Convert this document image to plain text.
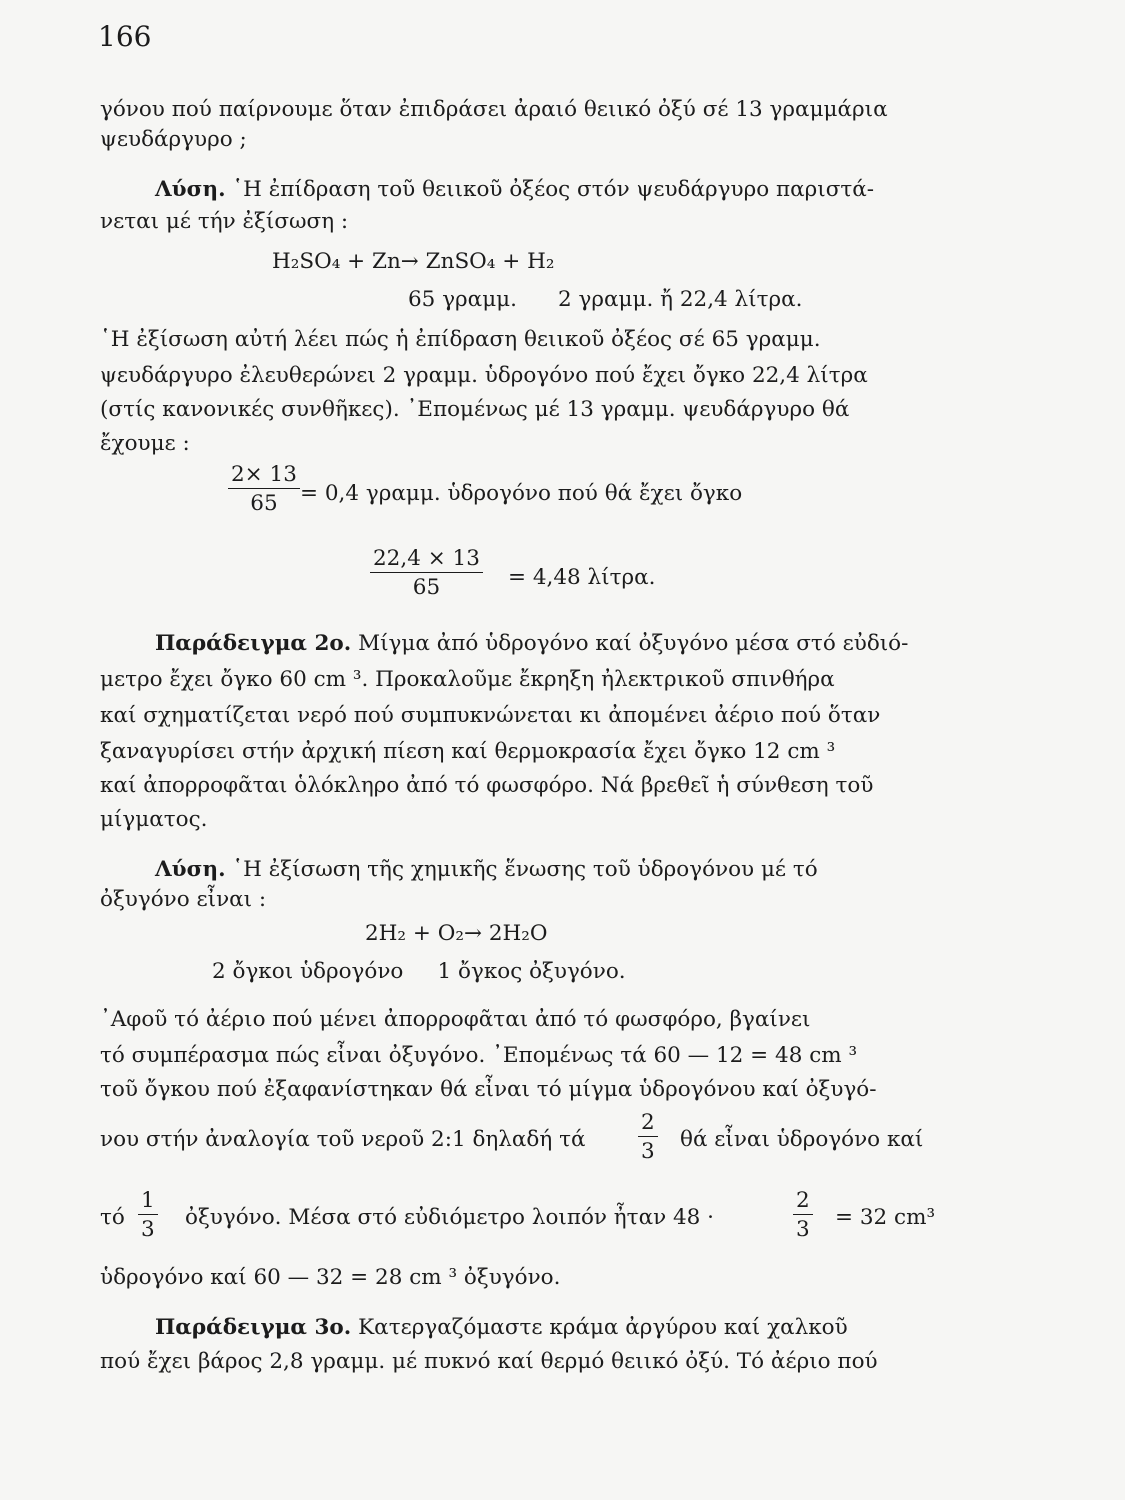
166
γόνου πού παίρνουμε ὅταν ἐπιδράσει ἀραιό θειικό ὀξύ σέ 13 γραμμάρια
ψευδάργυρο ;
Λύση. ῾Η ἐπίδραση τοῦ θειικοῦ ὀξέος στόν ψευδάργυρο παριστά-
νεται μέ τήν ἐξίσωση :
H₂SO₄ + Zn→ ZnSO₄ + H₂
65 γραμμ.      2 γραμμ. ἤ 22,4 λίτρα.
῾Η ἐξίσωση αὐτή λέει πώς ἡ ἐπίδραση θειικοῦ ὀξέος σέ 65 γραμμ.
ψευδάργυρο ἐλευθερώνει 2 γραμμ. ὑδρογόνο πού ἔχει ὄγκο 22,4 λίτρα
(στίς κανονικές συνθῆκες). ᾿Επομένως μέ 13 γραμμ. ψευδάργυρο θά
ἔχουμε :
$\frac{2\times 13}{65} = 0,4$ γραμμ. ὑδρογόνο πού θά ἔχει ὄγκο
$\frac{22,4 \times 13}{65} = 4,48$ λίτρα.
Παράδειγμα 2ο. Μίγμα ἀπό ὑδρογόνο καί ὀξυγόνο μέσα στό εὐδιό-
μετρο ἔχει ὄγκο 60 cm ³. Προκαλοῦμε ἔκρηξη ἠλεκτρικοῦ σπινθήρα
καί σχηματίζεται νερό πού συμπυκνώνεται κι ἀπομένει ἀέριο πού ὅταν
ξαναγυρίσει στήν ἀρχική πίεση καί θερμοκρασία ἔχει ὄγκο 12 cm ³
καί ἀπορροφᾶται ὁλόκληρο ἀπό τό φωσφόρο. Νά βρεθεῖ ἡ σύνθεση τοῦ
μίγματος.
Λύση. ῾Η ἐξίσωση τῆς χημικῆς ἕνωσης τοῦ ὑδρογόνου μέ τό
ὀξυγόνο εἶναι :
2H₂ + O₂→ 2H₂O
2 ὄγκοι ὑδρογόνο     1 ὄγκος ὀξυγόνο.
᾿Αφοῦ τό ἀέριο πού μένει ἀπορροφᾶται ἀπό τό φωσφόρο, βγαίνει
τό συμπέρασμα πώς εἶναι ὀξυγόνο. ᾿Επομένως τά 60 — 12 = 48 cm ³
τοῦ ὄγκου πού ἐξαφανίστηκαν θά εἶναι τό μίγμα ὑδρογόνου καί ὀξυγό-
νου στήν ἀναλογία τοῦ νεροῦ 2:1 δηλαδή τά $\frac{2}{3}$ θά εἶναι ὑδρογόνο καί
τό $\frac{1}{3}$ ὀξυγόνο. Μέσα στό εὐδιόμετρο λοιπόν ἦταν 48 ·	$\frac{2}{3} = 32$ cm³
ὑδρογόνο καί 60 — 32 = 28 cm ³ ὀξυγόνο.
Παράδειγμα 3ο. Κατεργαζόμαστε κράμα ἀργύρου καί χαλκοῦ
πού ἔχει βάρος 2,8 γραμμ. μέ πυκνό καί θερμό θειικό ὀξύ. Τό ἀέριο πού
